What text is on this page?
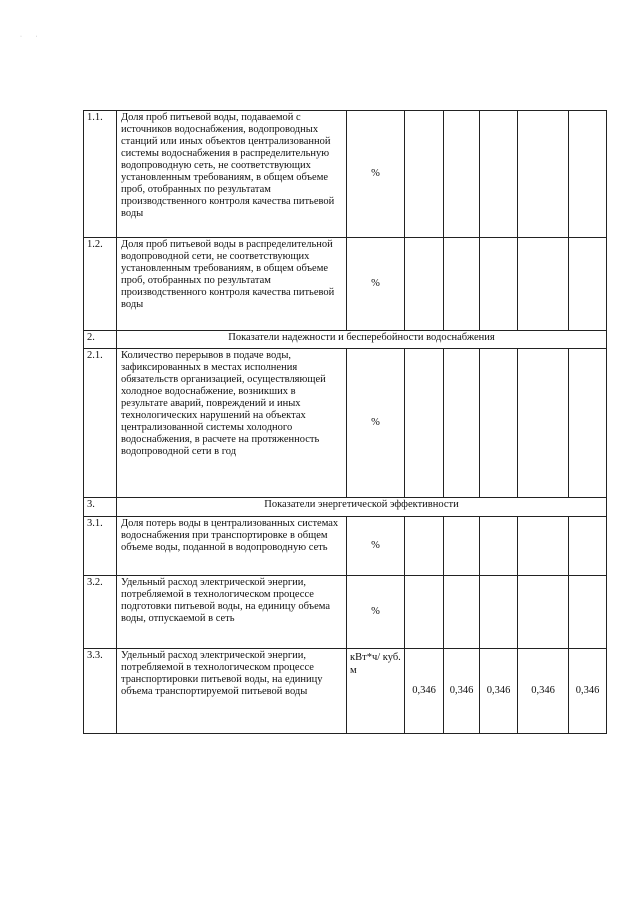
· ·
1.1.	Доля проб питьевой воды, подаваемой с источников водоснабжения, водопроводных станций или иных объектов централизованной системы водоснабжения в распределительную водопроводную сеть, не соответствующих установленным требованиям, в общем объеме проб, отобранных по результатам производственного контроля качества питьевой воды	%					
1.2.	Доля проб питьевой воды в распределительной водопроводной сети, не соответствующих установленным требованиям, в общем объеме проб, отобранных по результатам производственного контроля качества питьевой воды	%					
2.	Показатели надежности и бесперебойности водоснабжения						
2.1.	Количество перерывов в подаче воды, зафиксированных в местах исполнения обязательств организацией, осуществляющей холодное водоснабжение, возникших в результате аварий, повреждений и иных технологических нарушений на объектах централизованной системы холодного водоснабжения, в расчете на протяженность водопроводной сети в год	%					
3.	Показатели энергетической эффективности						
3.1.	Доля потерь воды в централизованных системах водоснабжения при транспортировке в общем объеме воды, поданной в водопроводную сеть	%					
3.2.	Удельный расход электрической энергии, потребляемой в технологическом процессе подготовки питьевой воды, на единицу объема воды, отпускаемой в сеть	%					
3.3.	Удельный расход электрической энергии, потребляемой в технологическом процессе транспортировки питьевой воды, на единицу объема транспортируемой питьевой воды	кВт*ч/ куб. м	0,346	0,346	0,346	0,346	0,346
